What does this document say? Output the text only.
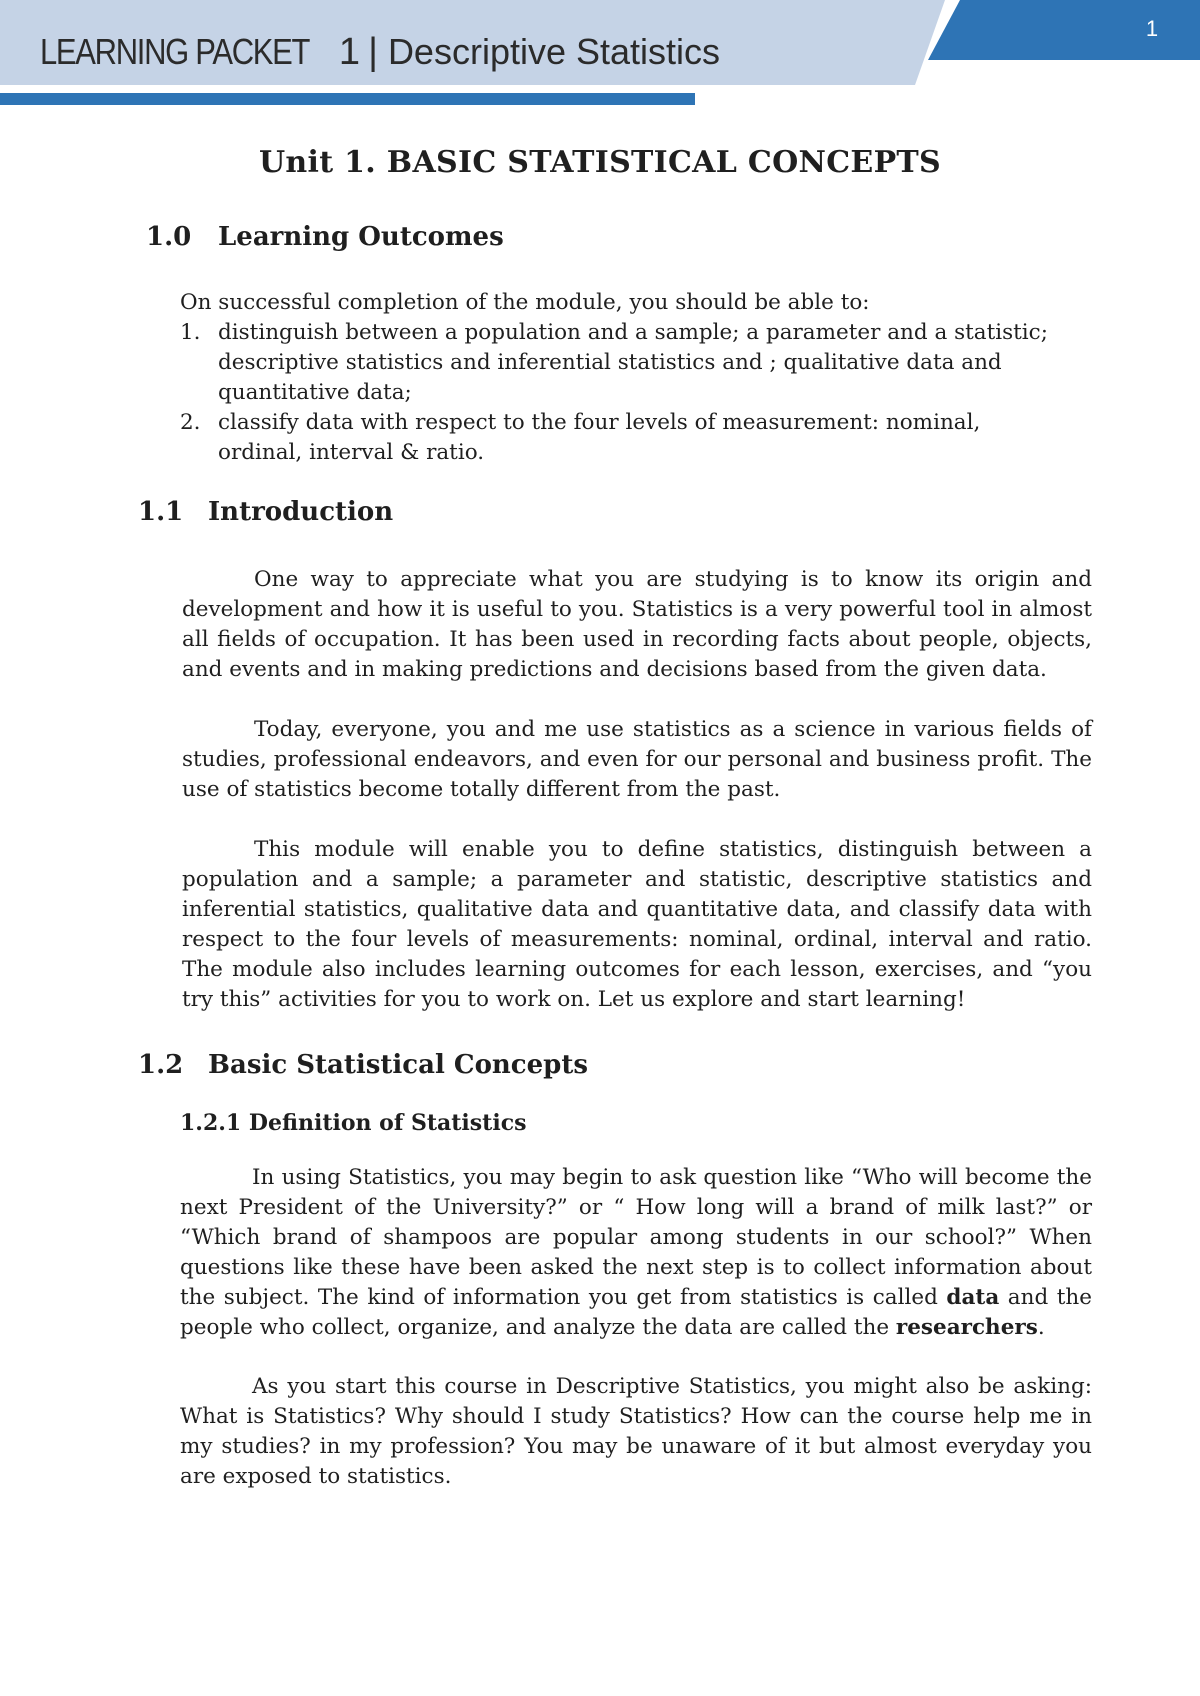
LEARNING PACKET 1 | Descriptive Statistics
1
Unit 1. BASIC STATISTICAL CONCEPTS
1.0 Learning Outcomes
On successful completion of the module, you should be able to:
1. distinguish between a population and a sample; a parameter and a statistic; descriptive statistics and inferential statistics and ; qualitative data and quantitative data;
2. classify data with respect to the four levels of measurement: nominal, ordinal, interval & ratio.
1.1 Introduction

One way to appreciate what you are studying is to know its origin and development and how it is useful to you. Statistics is a very powerful tool in almost all fields of occupation. It has been used in recording facts about people, objects, and events and in making predictions and decisions based from the given data.

Today, everyone, you and me use statistics as a science in various fields of studies, professional endeavors, and even for our personal and business profit. The use of statistics become totally different from the past.

This module will enable you to define statistics, distinguish between a population and a sample; a parameter and statistic, descriptive statistics and inferential statistics, qualitative data and quantitative data, and classify data with respect to the four levels of measurements: nominal, ordinal, interval and ratio. The module also includes learning outcomes for each lesson, exercises, and “you try this” activities for you to work on. Let us explore and start learning!

1.2 Basic Statistical Concepts
1.2.1 Definition of Statistics

In using Statistics, you may begin to ask question like “Who will become the next President of the University?” or “ How long will a brand of milk last?” or “Which brand of shampoos are popular among students in our school?” When questions like these have been asked the next step is to collect information about the subject. The kind of information you get from statistics is called data and the people who collect, organize, and analyze the data are called the researchers.

As you start this course in Descriptive Statistics, you might also be asking: What is Statistics? Why should I study Statistics? How can the course help me in my studies? in my profession? You may be unaware of it but almost everyday you are exposed to statistics.
